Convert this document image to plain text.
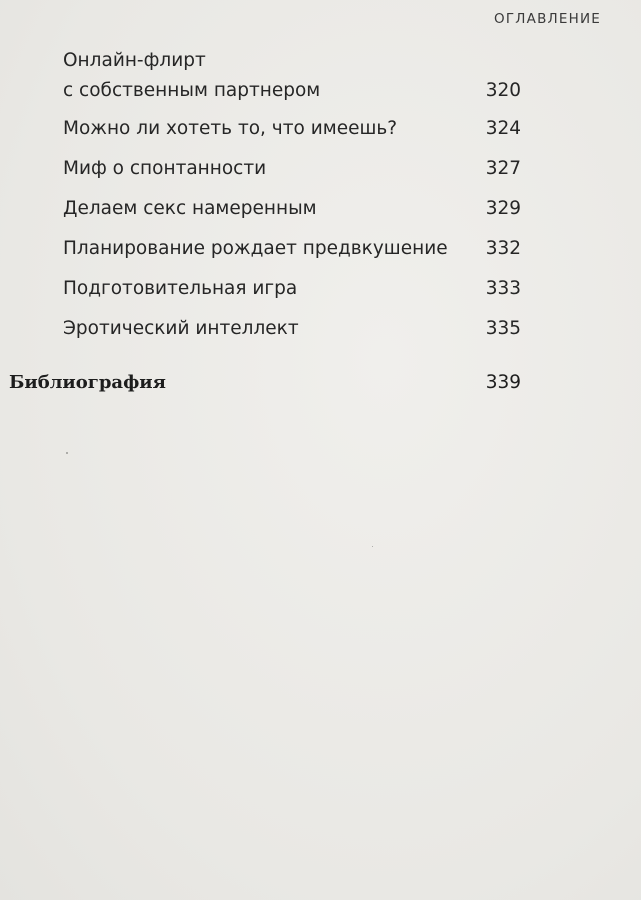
ОГЛАВЛЕНИЕ
Онлайн-флирт
с собственным партнером	320
Можно ли хотеть то, что имеешь?	324
Миф о спонтанности	327
Делаем секс намеренным	329
Планирование рождает предвкушение	332
Подготовительная игра	333
Эротический интеллект	335
Библиография	339
